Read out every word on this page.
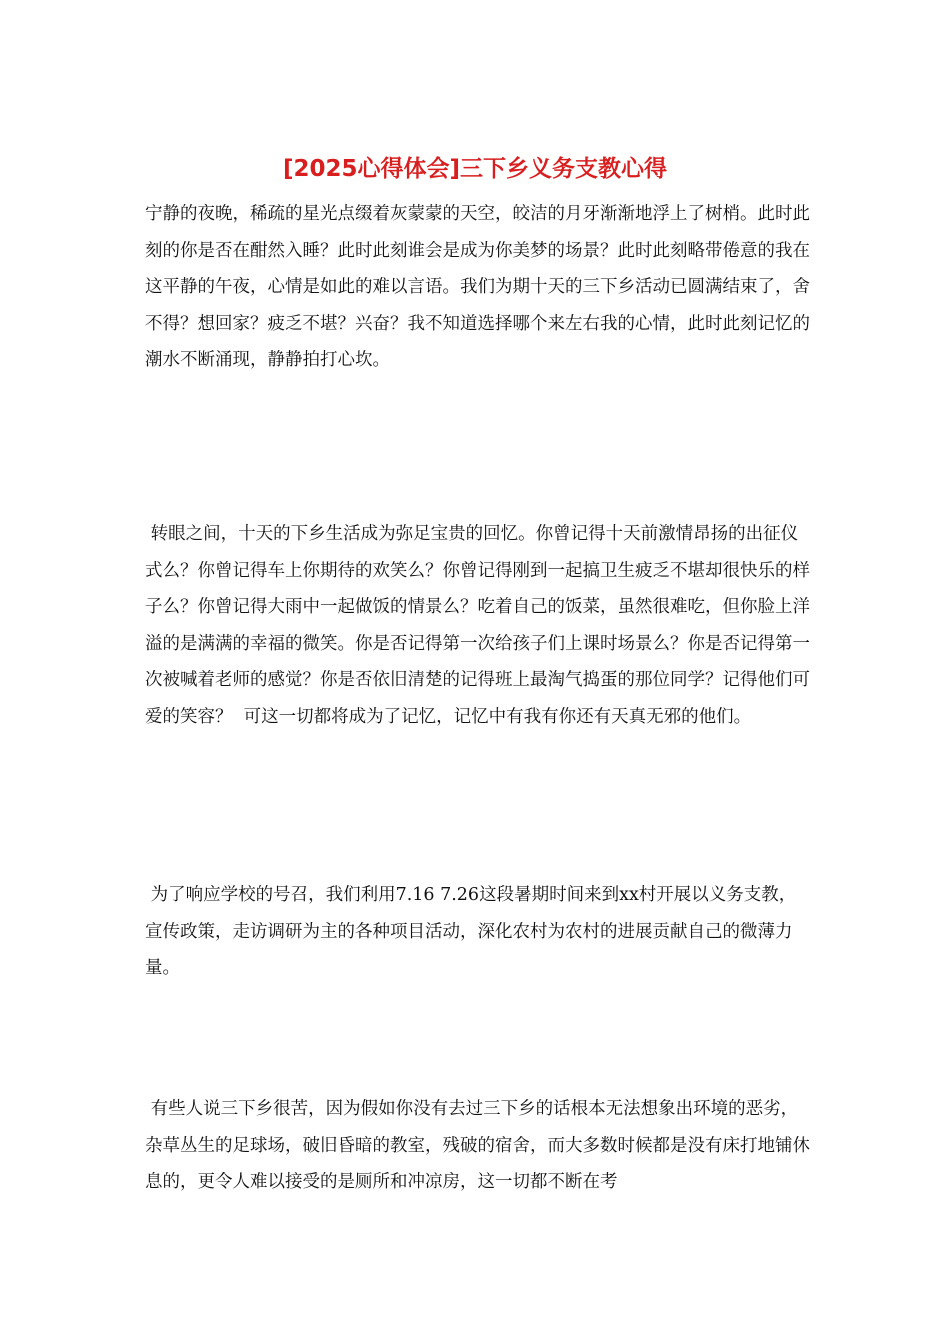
[2025心得体会]三下乡义务支教心得

宁静的夜晚，稀疏的星光点缀着灰蒙蒙的天空，皎洁的月牙渐渐地浮上了树梢。此时此刻的你是否在酣然入睡？此时此刻谁会是成为你美梦的场景？此时此刻略带倦意的我在这平静的午夜，心情是如此的难以言语。我们为期十天的三下乡活动已圆满结束了，舍不得？想回家？疲乏不堪？兴奋？我不知道选择哪个来左右我的心情，此时此刻记忆的潮水不断涌现，静静拍打心坎。

转眼之间，十天的下乡生活成为弥足宝贵的回忆。你曾记得十天前激情昂扬的出征仪式么？你曾记得车上你期待的欢笑么？你曾记得刚到一起搞卫生疲乏不堪却很快乐的样子么？你曾记得大雨中一起做饭的情景么？吃着自己的饭菜，虽然很难吃，但你脸上洋溢的是满满的幸福的微笑。你是否记得第一次给孩子们上课时场景么？你是否记得第一次被喊着老师的感觉？你是否依旧清楚的记得班上最淘气捣蛋的那位同学？记得他们可爱的笑容？  可这一切都将成为了记忆，记忆中有我有你还有天真无邪的他们。

为了响应学校的号召，我们利用7.16 7.26这段暑期时间来到xx村开展以义务支教，宣传政策，走访调研为主的各种项目活动，深化农村为农村的进展贡献自己的微薄力量。

有些人说三下乡很苦，因为假如你没有去过三下乡的话根本无法想象出环境的恶劣，杂草丛生的足球场，破旧昏暗的教室，残破的宿舍，而大多数时候都是没有床打地铺休息的，更令人难以接受的是厕所和冲凉房，这一切都不断在考
